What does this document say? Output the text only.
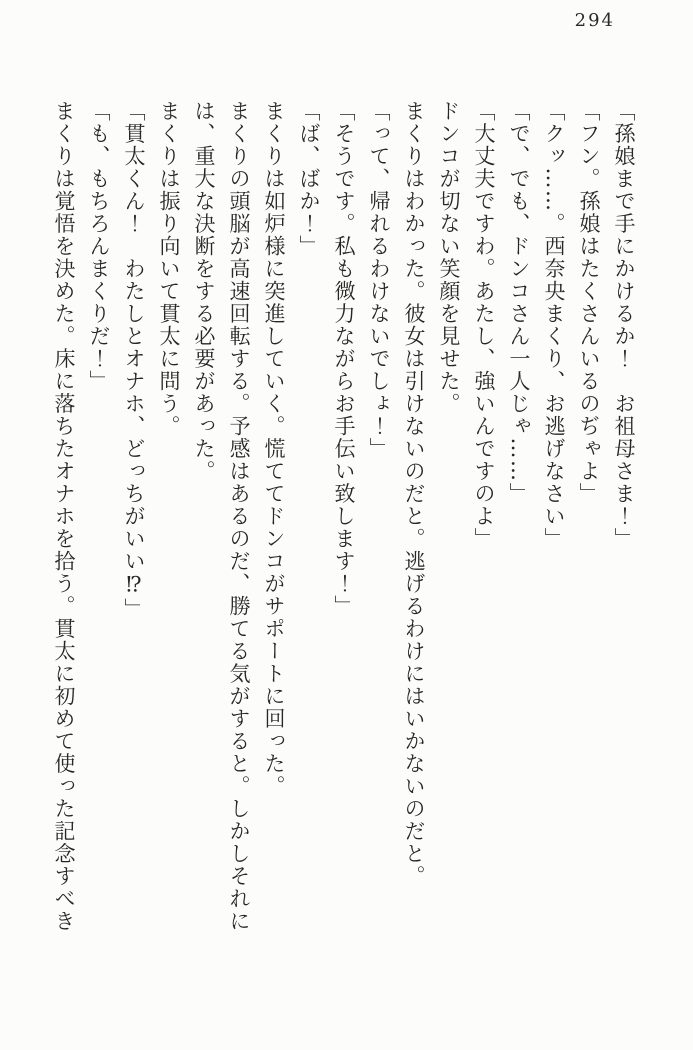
294

「孫娘まで手にかけるか！　お祖母さま！」

「フン。孫娘はたくさんいるのぢゃよ」

「クッ……。西奈央まくり、お逃げなさい」

「で、でも、ドンコさん一人じゃ……」

「大丈夫ですわ。あたし、強いんですのよ」

ドンコが切ない笑顔を見せた。

まくりはわかった。彼女は引けないのだと。逃げるわけにはいかないのだと。

「って、帰れるわけないでしょ！」

「そうです。私も微力ながらお手伝い致します！」

「ば、ばか！」

まくりは如炉様に突進していく。慌ててドンコがサポートに回った。

まくりの頭脳が高速回転する。予感はあるのだ、勝てる気がすると。しかしそれに

は、重大な決断をする必要があった。

まくりは振り向いて貫太に問う。

「貫太くん！　わたしとオナホ、どっちがいい⁉」

「も、もちろんまくりだ！」

まくりは覚悟を決めた。床に落ちたオナホを拾う。貫太に初めて使った記念すべき
